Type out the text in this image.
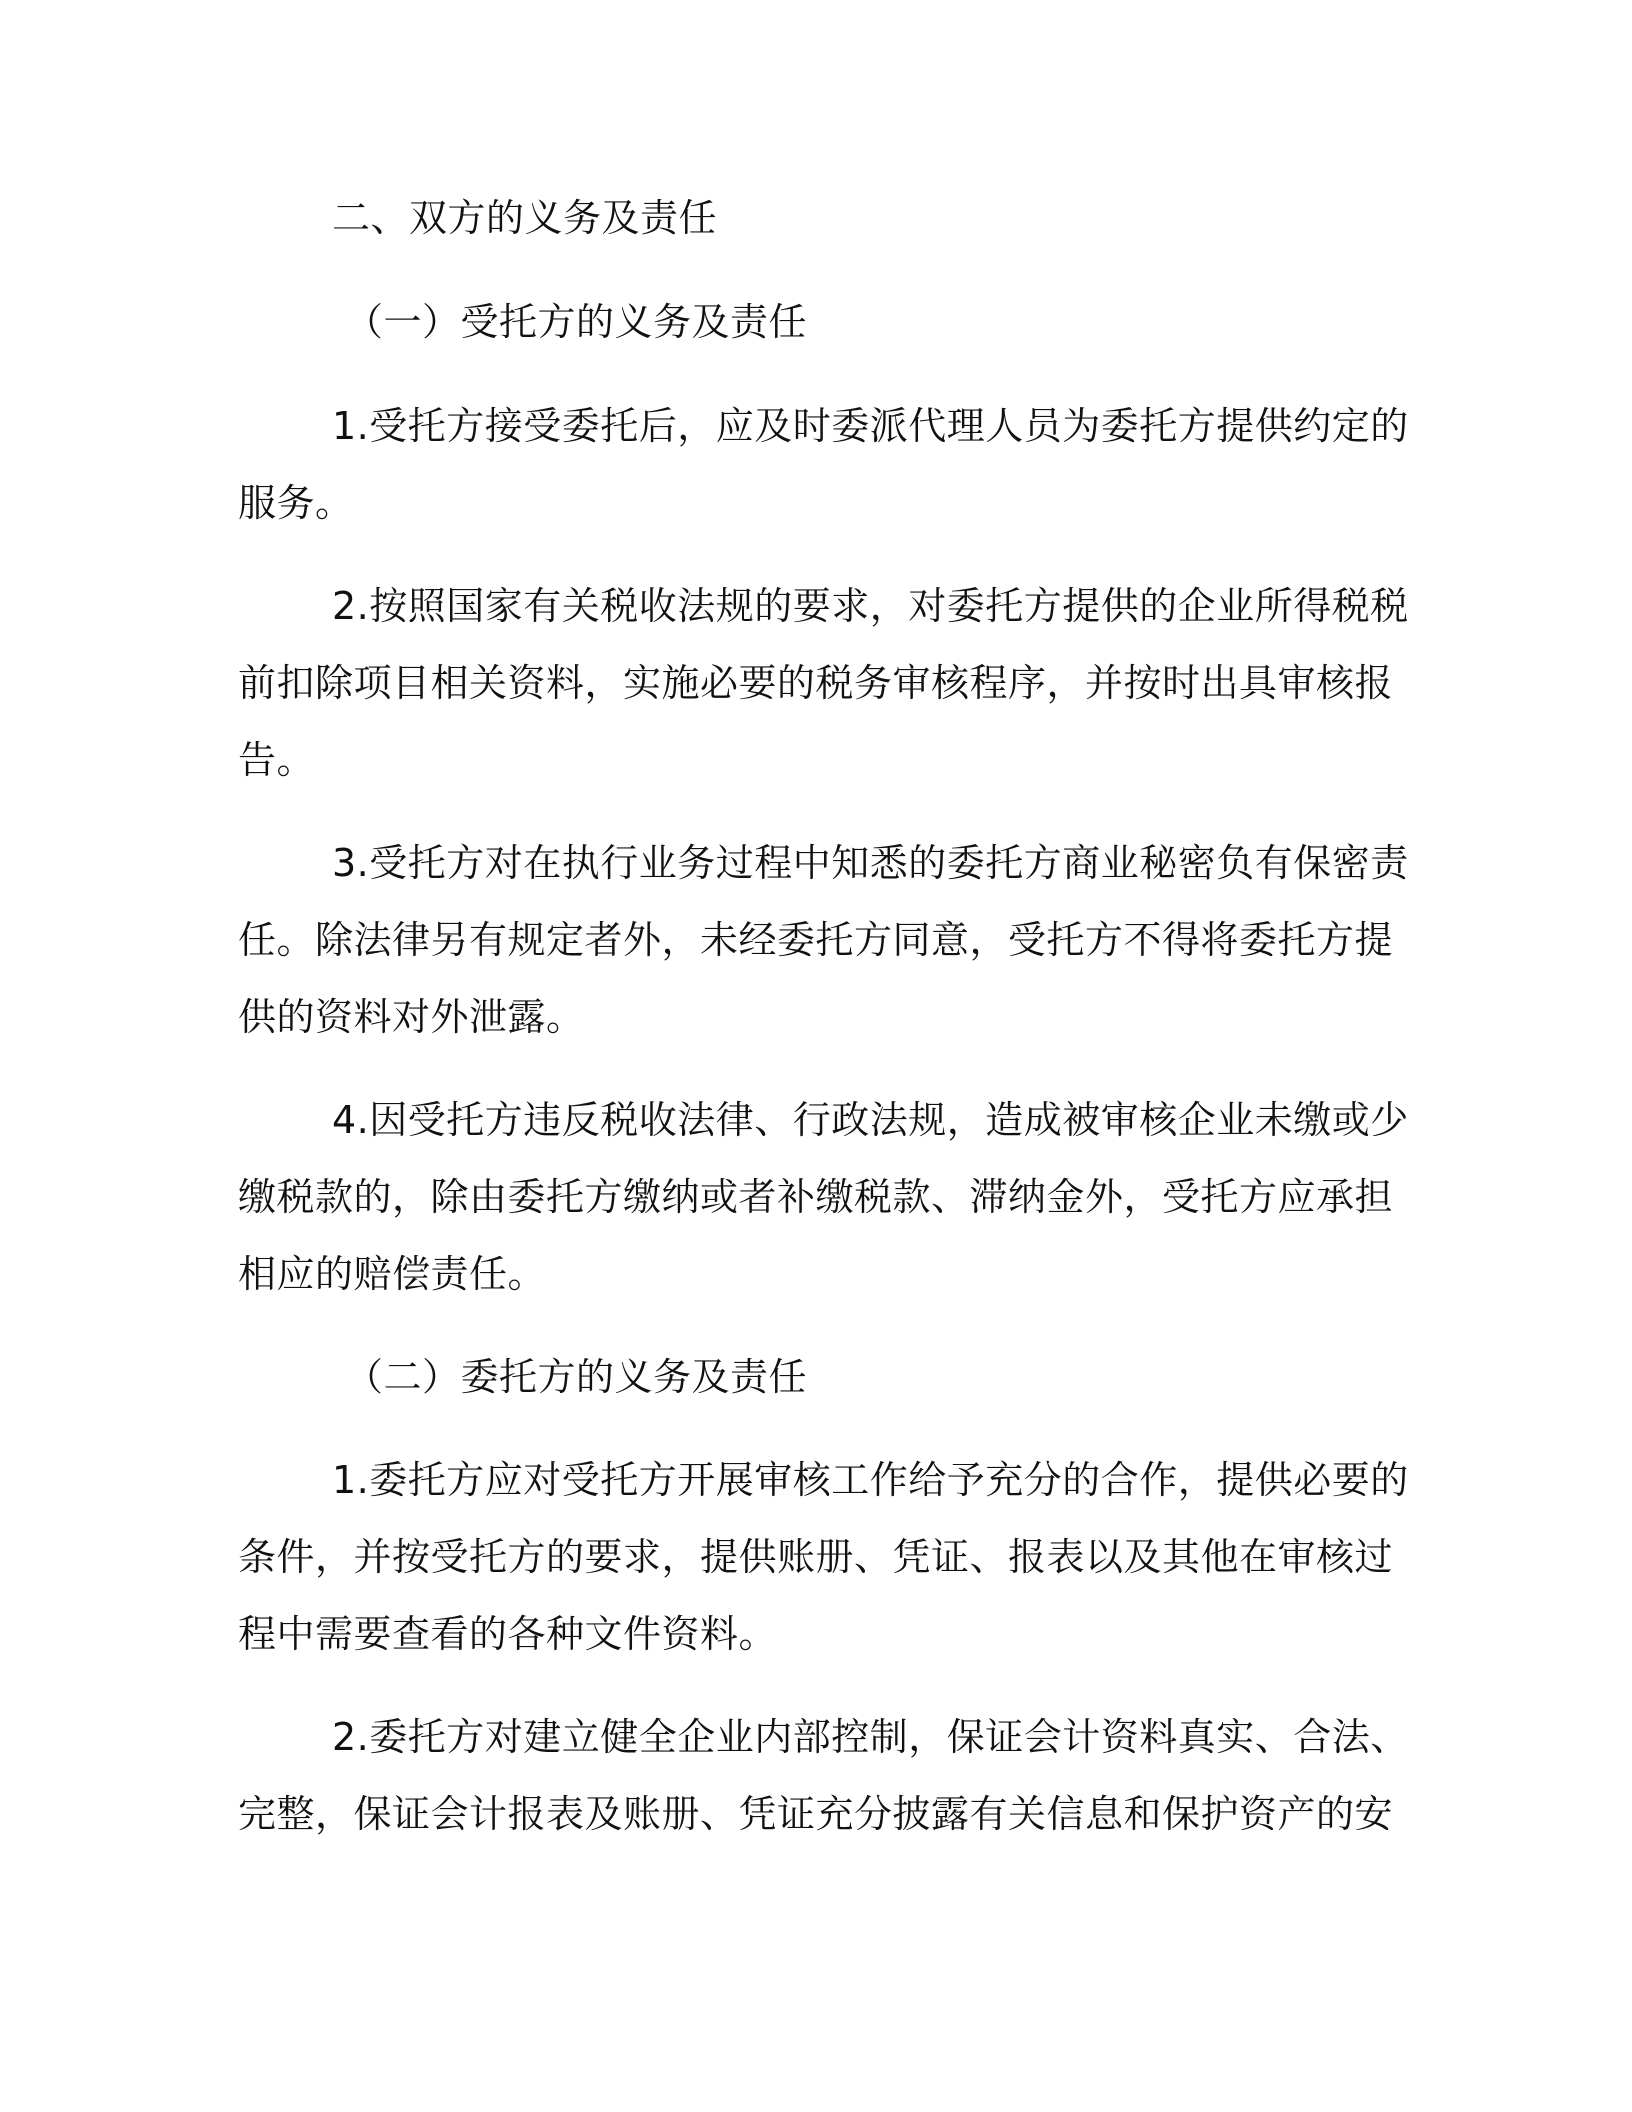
二、双方的义务及责任

（一）受托方的义务及责任

1.受托方接受委托后，应及时委派代理人员为委托方提供约定的

服务。

2.按照国家有关税收法规的要求，对委托方提供的企业所得税税

前扣除项目相关资料，实施必要的税务审核程序，并按时出具审核报

告。

3.受托方对在执行业务过程中知悉的委托方商业秘密负有保密责

任。除法律另有规定者外，未经委托方同意，受托方不得将委托方提

供的资料对外泄露。

4.因受托方违反税收法律、行政法规，造成被审核企业未缴或少

缴税款的，除由委托方缴纳或者补缴税款、滞纳金外，受托方应承担

相应的赔偿责任。

（二）委托方的义务及责任

1.委托方应对受托方开展审核工作给予充分的合作，提供必要的

条件，并按受托方的要求，提供账册、凭证、报表以及其他在审核过

程中需要查看的各种文件资料。

2.委托方对建立健全企业内部控制，保证会计资料真实、合法、

完整，保证会计报表及账册、凭证充分披露有关信息和保护资产的安
